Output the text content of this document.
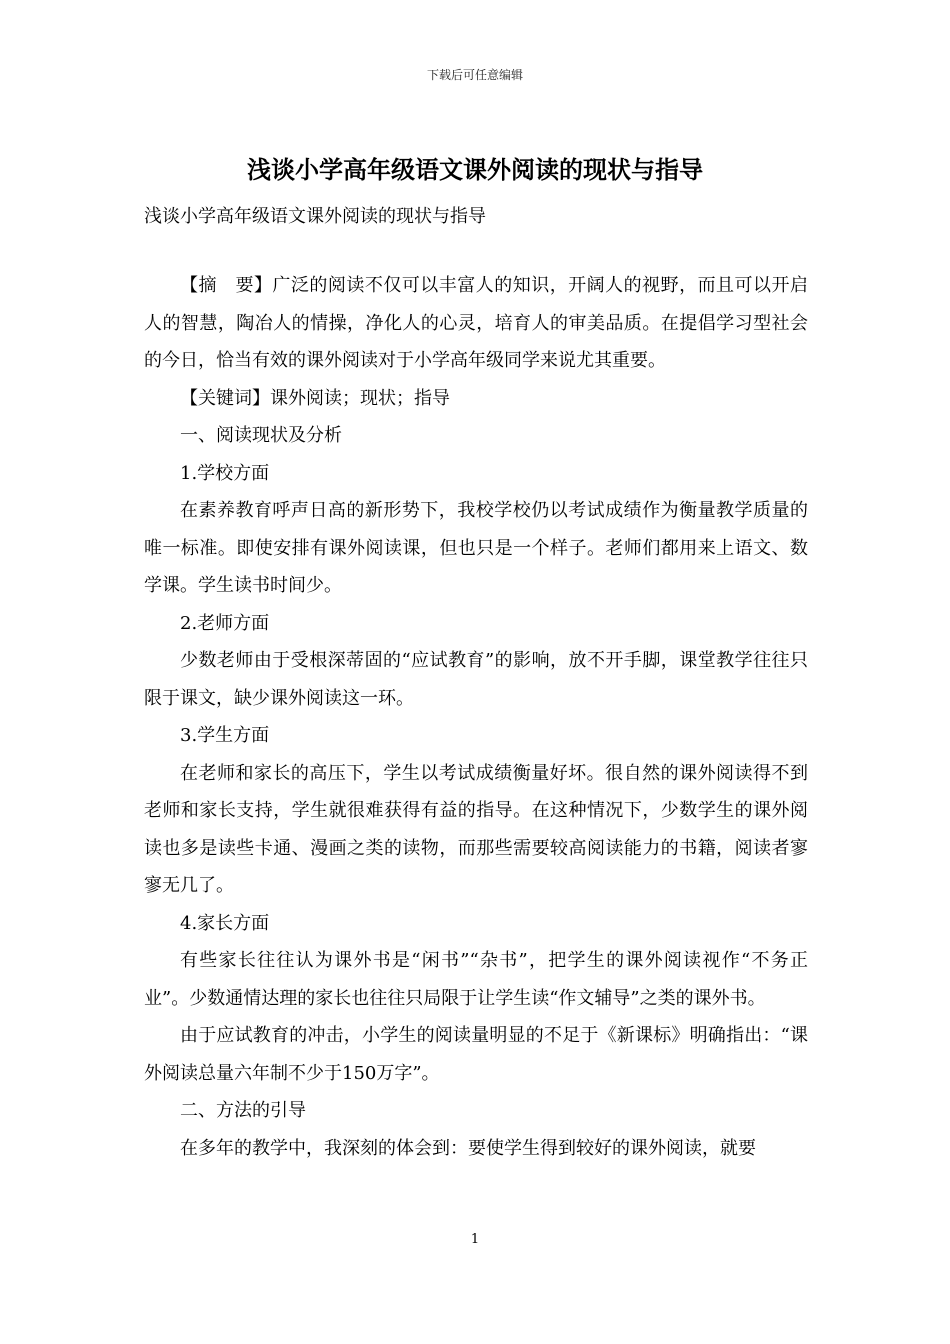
下载后可任意编辑
浅谈小学高年级语文课外阅读的现状与指导
浅谈小学高年级语文课外阅读的现状与指导

【摘　要】广泛的阅读不仅可以丰富人的知识，开阔人的视野，而且可以开启人的智慧，陶冶人的情操，净化人的心灵，培育人的审美品质。在提倡学习型社会的今日，恰当有效的课外阅读对于小学高年级同学来说尤其重要。

【关键词】课外阅读；现状；指导

一、阅读现状及分析

1.学校方面

在素养教育呼声日高的新形势下，我校学校仍以考试成绩作为衡量教学质量的唯一标准。即使安排有课外阅读课，但也只是一个样子。老师们都用来上语文、数学课。学生读书时间少。

2.老师方面

少数老师由于受根深蒂固的“应试教育”的影响，放不开手脚，课堂教学往往只限于课文，缺少课外阅读这一环。

3.学生方面

在老师和家长的高压下，学生以考试成绩衡量好坏。很自然的课外阅读得不到老师和家长支持，学生就很难获得有益的指导。在这种情况下，少数学生的课外阅读也多是读些卡通、漫画之类的读物，而那些需要较高阅读能力的书籍，阅读者寥寥无几了。

4.家长方面

有些家长往往认为课外书是“闲书”“杂书”，把学生的课外阅读视作“不务正业”。少数通情达理的家长也往往只局限于让学生读“作文辅导”之类的课外书。

由于应试教育的冲击，小学生的阅读量明显的不足于《新课标》明确指出：“课外阅读总量六年制不少于150万字”。

二、方法的引导

在多年的教学中，我深刻的体会到：要使学生得到较好的课外阅读，就要

1
